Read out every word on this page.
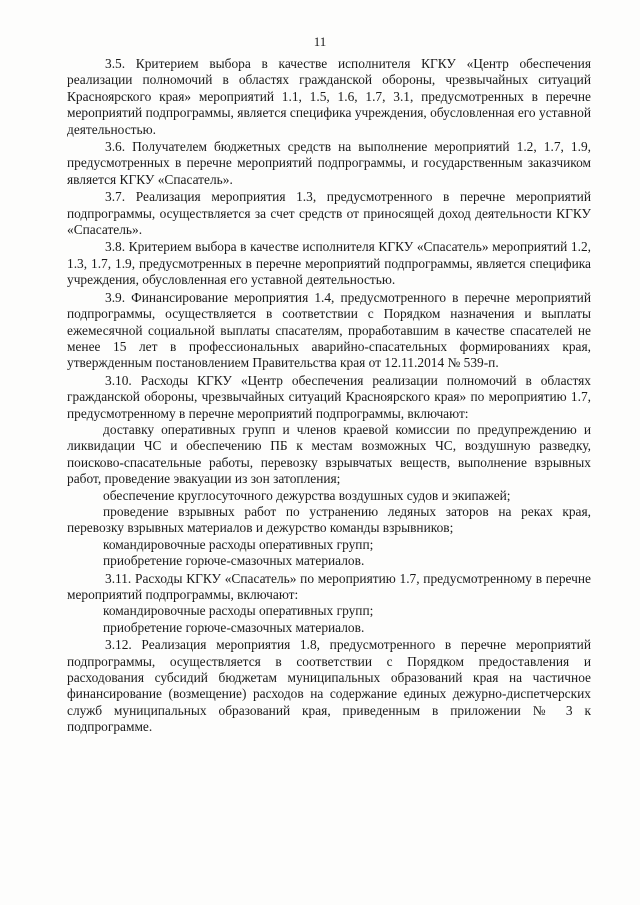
11

3.5. Критерием выбора в качестве исполнителя КГКУ «Центр обеспечения реализации полномочий в областях гражданской обороны, чрезвычайных ситуаций Красноярского края» мероприятий 1.1, 1.5, 1.6, 1.7, 3.1, предусмотренных в перечне мероприятий подпрограммы, является специфика учреждения, обусловленная его уставной деятельностью.

3.6. Получателем бюджетных средств на выполнение мероприятий 1.2, 1.7, 1.9, предусмотренных в перечне мероприятий подпрограммы, и государственным заказчиком является КГКУ «Спасатель».

3.7. Реализация мероприятия 1.3, предусмотренного в перечне мероприятий подпрограммы, осуществляется за счет средств от приносящей доход деятельности КГКУ «Спасатель».

3.8. Критерием выбора в качестве исполнителя КГКУ «Спасатель» мероприятий 1.2, 1.3, 1.7, 1.9, предусмотренных в перечне мероприятий подпрограммы, является специфика учреждения, обусловленная его уставной деятельностью.

3.9. Финансирование мероприятия 1.4, предусмотренного в перечне мероприятий подпрограммы, осуществляется в соответствии с Порядком назначения и выплаты ежемесячной социальной выплаты спасателям, проработавшим в качестве спасателей не менее 15 лет в профессиональных аварийно-спасательных формированиях края, утвержденным постановлением Правительства края от 12.11.2014 № 539-п.

3.10. Расходы КГКУ «Центр обеспечения реализации полномочий в областях гражданской обороны, чрезвычайных ситуаций Красноярского края» по мероприятию 1.7, предусмотренному в перечне мероприятий подпрограммы, включают:

доставку оперативных групп и членов краевой комиссии по предупреждению и ликвидации ЧС и обеспечению ПБ к местам возможных ЧС, воздушную разведку, поисково-спасательные работы, перевозку взрывчатых веществ, выполнение взрывных работ, проведение эвакуации из зон затопления;

обеспечение круглосуточного дежурства воздушных судов и экипажей;

проведение взрывных работ по устранению ледяных заторов на реках края, перевозку взрывных материалов и дежурство команды взрывников;

командировочные расходы оперативных групп;

приобретение горюче-смазочных материалов.

3.11. Расходы КГКУ «Спасатель» по мероприятию 1.7, предусмотренному в перечне мероприятий подпрограммы, включают:

командировочные расходы оперативных групп;

приобретение горюче-смазочных материалов.

3.12. Реализация мероприятия 1.8, предусмотренного в перечне мероприятий подпрограммы, осуществляется в соответствии с Порядком предоставления и расходования субсидий бюджетам муниципальных образований края на частичное финансирование (возмещение) расходов на содержание единых дежурно-диспетчерских служб муниципальных образований края, приведенным в приложении № 3 к подпрограмме.
